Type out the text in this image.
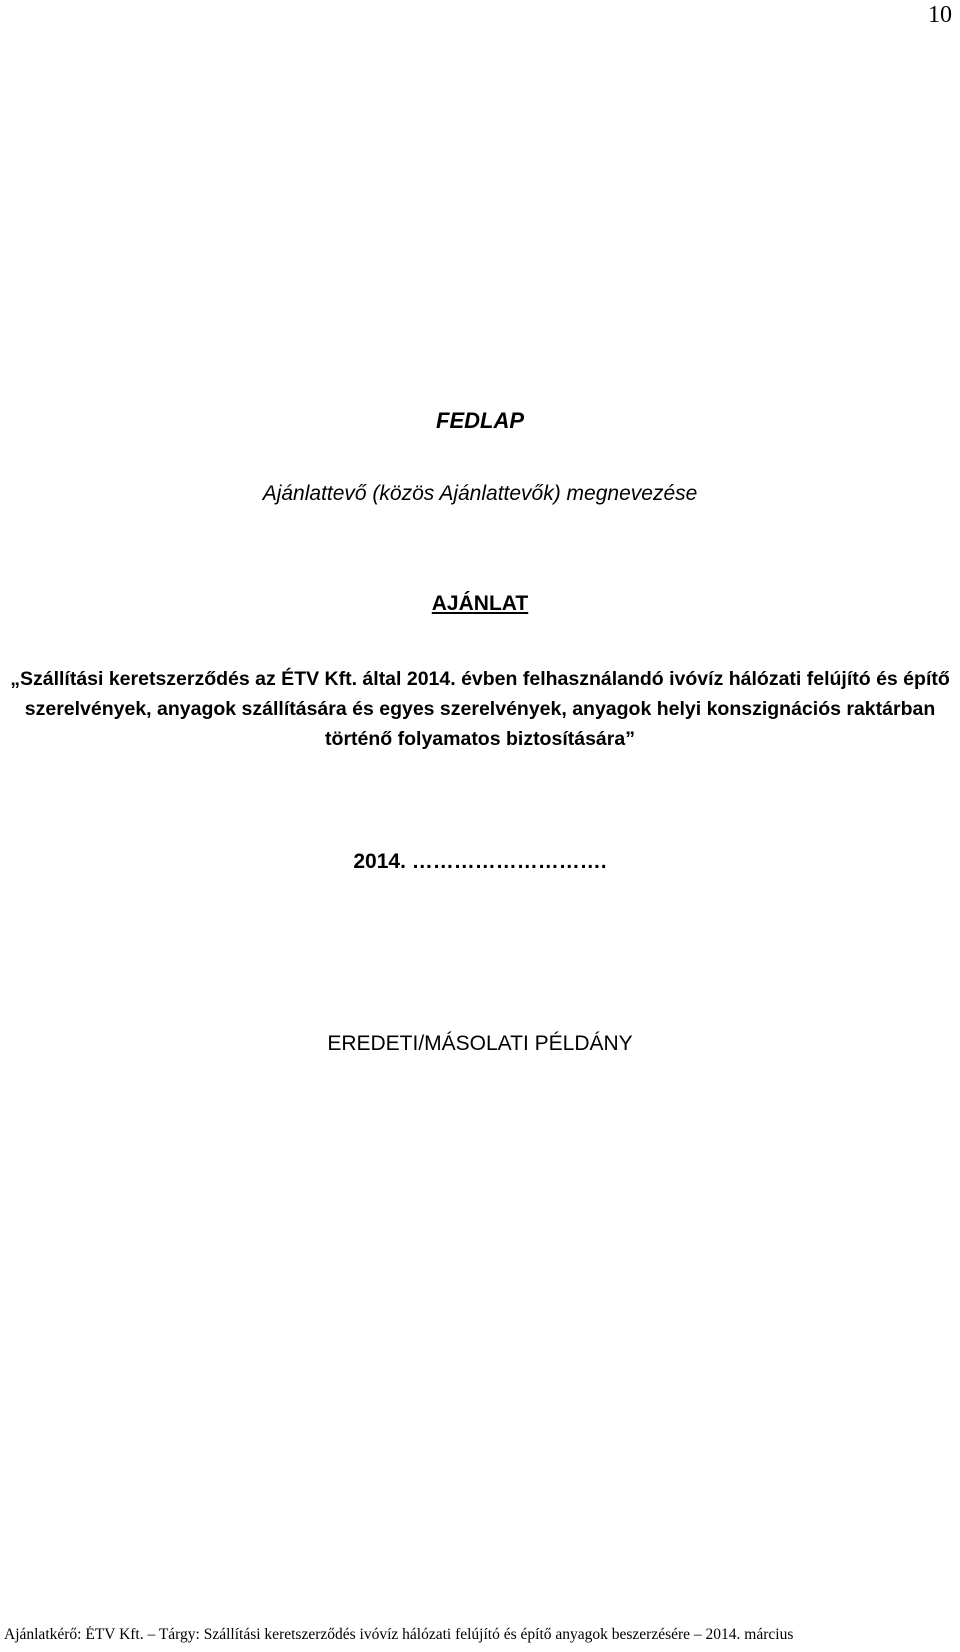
10

FEDLAP

Ajánlattevő (közös Ajánlattevők) megnevezése

AJÁNLAT

„Szállítási keretszerződés az ÉTV Kft. által 2014. évben felhasználandó ivóvíz hálózati felújító és építő szerelvények, anyagok szállítására és egyes szerelvények, anyagok helyi konszignációs raktárban történő folyamatos biztosítására”

2014. ……………………….

EREDETI/MÁSOLATI PÉLDÁNY

Ajánlatkérő: ÉTV Kft. – Tárgy: Szállítási keretszerződés ivóvíz hálózati felújító és építő anyagok beszerzésére – 2014. március
